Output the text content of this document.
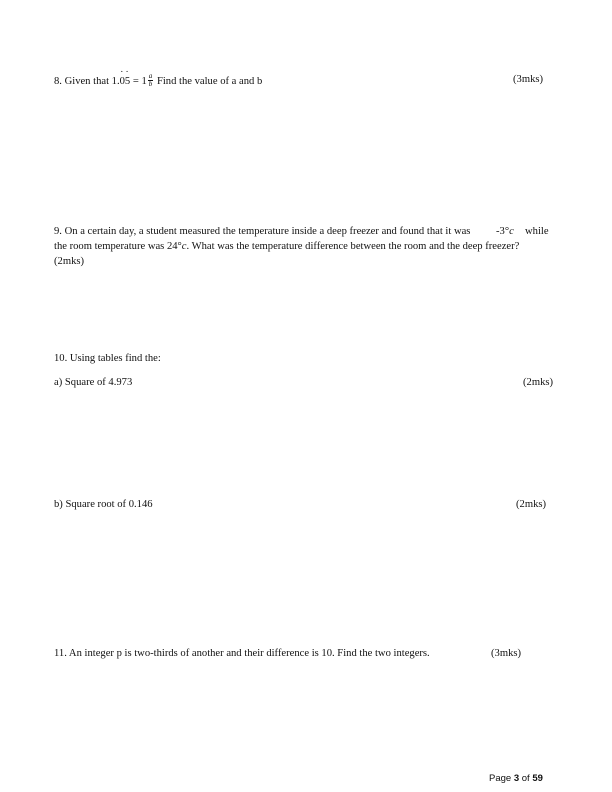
8. Given that 1.˙ 0˙ $5 = 1 \frac{a}{b}$ Find the value of a and b	(3mks)
9. On a certain day, a student measured the temperature inside a deep freezer and found that it was -3°c while
the room temperature was 24°c. What was the temperature difference between the room and the deep freezer?
(2mks)
10. Using tables find the:
a) Square of 4.973	(2mks)
b) Square root of 0.146	(2mks)
11. An integer p is two-thirds of another and their difference is 10. Find the two integers.	(3mks)
Page 3 of 59
